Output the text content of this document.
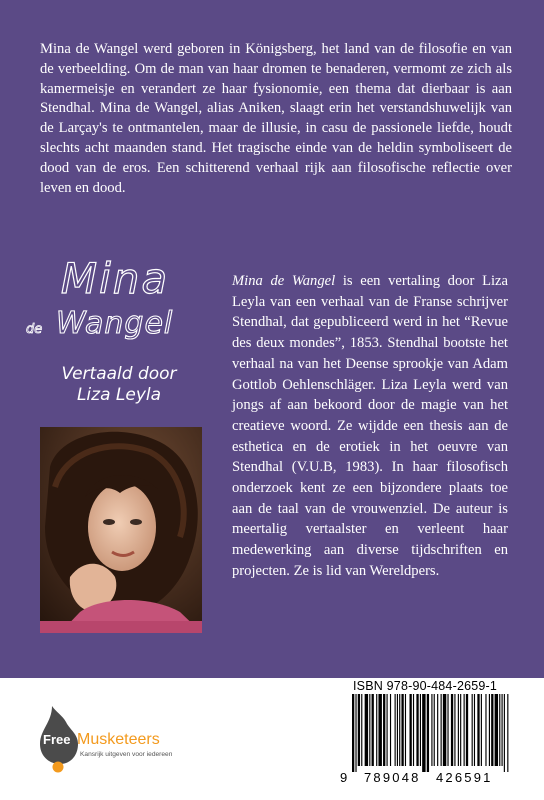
Mina de Wangel werd geboren in Königsberg, het land van de filosofie en van de verbeelding. Om de man van haar dromen te benaderen, vermomt ze zich als kamermeisje en verandert ze haar fysionomie, een thema dat dierbaar is aan Stendhal. Mina de Wangel, alias Aniken, slaagt erin het verstandshuwelijk van de Larçay's te ontmantelen, maar de illusie, in casu de passionele liefde, houdt slechts acht maanden stand. Het tragische einde van de heldin symboliseert de dood van de eros. Een schitterend verhaal rijk aan filosofische reflectie over leven en dood.

Mina
de Wangel
Vertaald door
Liza Leyla

Mina de Wangel is een vertaling door Liza Leyla van een verhaal van de Franse schrijver Stendhal, dat gepubliceerd werd in het “Revue des deux mondes”, 1853. Stendhal bootste het verhaal na van het Deense sprookje van Adam Gottlob Oehlenschläger. Liza Leyla werd van jongs af aan bekoord door de magie van het creatieve woord. Ze wijdde een thesis aan de esthetica en de erotiek in het oeuvre van Stendhal (V.U.B, 1983). In haar filosofisch onderzoek kent ze een bijzondere plaats toe aan de taal van de vrouwenziel. De auteur is meertalig vertaalster en verleent haar medewerking aan diverse tijdschriften en projecten. Ze is lid van Wereldpers.

Free Musketeers
Kansrijk uitgeven voor iedereen
ISBN 978-90-484-2659-1
9 789048 426591
